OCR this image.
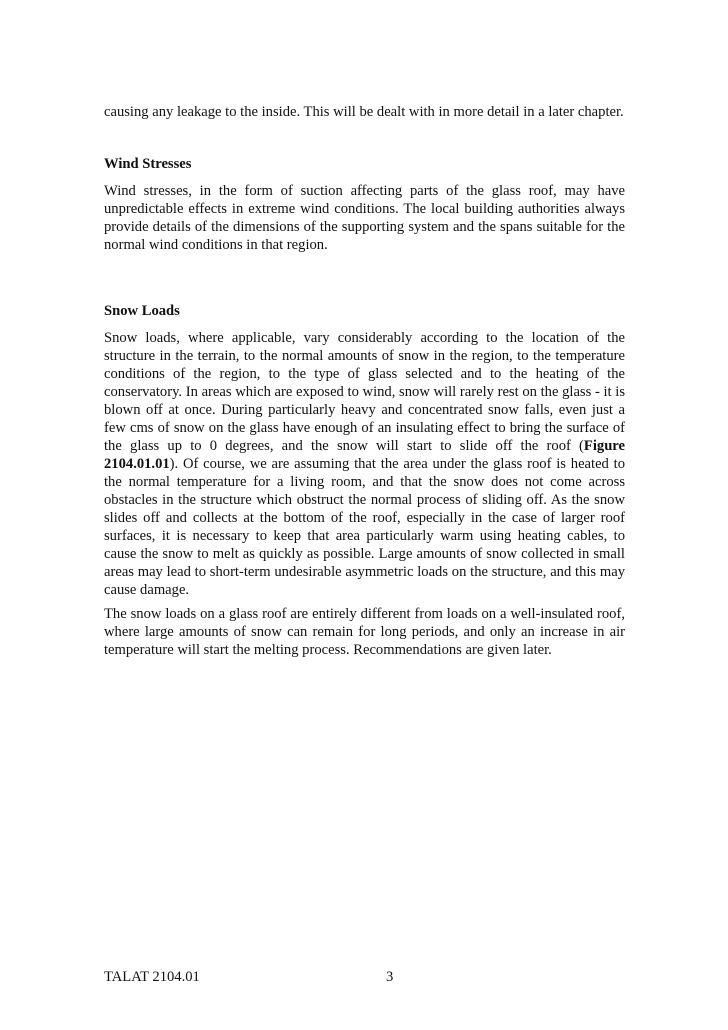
causing any leakage to the inside. This will be dealt with in more detail in a later chapter.

Wind Stresses

Wind stresses, in the form of suction affecting parts of the glass roof, may have unpredictable effects in extreme wind conditions. The local building authorities always provide details of the dimensions of the supporting system and the spans suitable for the normal wind conditions in that region.

Snow Loads

Snow loads, where applicable, vary considerably according to the location of the structure in the terrain, to the normal amounts of snow in the region, to the temperature conditions of the region, to the type of glass selected and to the heating of the conservatory. In areas which are exposed to wind, snow will rarely rest on the glass - it is blown off at once. During particularly heavy and concentrated snow falls, even just a few cms of snow on the glass have enough of an insulating effect to bring the surface of the glass up to 0 degrees, and the snow will start to slide off the roof (Figure 2104.01.01). Of course, we are assuming that the area under the glass roof is heated to the normal temperature for a living room, and that the snow does not come across obstacles in the structure which obstruct the normal process of sliding off. As the snow slides off and collects at the bottom of the roof, especially in the case of larger roof surfaces, it is necessary to keep that area particularly warm using heating cables, to cause the snow to melt as quickly as possible. Large amounts of snow collected in small areas may lead to short-term undesirable asymmetric loads on the structure, and this may cause damage.

The snow loads on a glass roof are entirely different from loads on a well-insulated roof, where large amounts of snow can remain for long periods, and only an increase in air temperature will start the melting process. Recommendations are given later.

TALAT 2104.01	3
